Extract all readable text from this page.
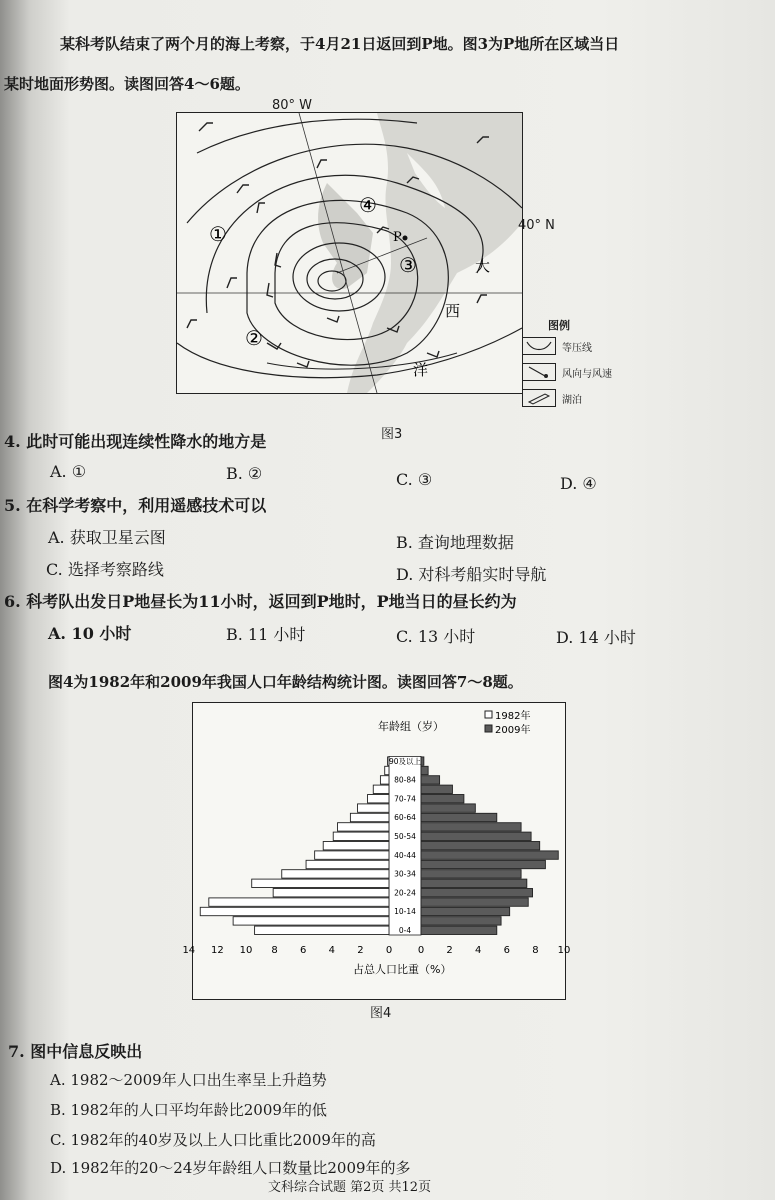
某科考队结束了两个月的海上考察，于4月21日返回到P地。图3为P地所在区域当日
某时地面形势图。读图回答4～6题。
P
①
②
③
④
大
西
洋
80° W
40° N
图例
等压线
风向与风速
湖泊
图3
4. 此时可能出现连续性降水的地方是
A. ①	B. ②	C. ③	D. ④
5. 在科学考察中，利用遥感技术可以
A. 获取卫星云图	B. 查询地理数据
C. 选择考察路线	D. 对科考船实时导航
6. 科考队出发日P地昼长为11小时，返回到P地时，P地当日的昼长约为
A. 10 小时	B. 11 小时	C. 13 小时	D. 14 小时
图4为1982年和2009年我国人口年龄结构统计图。读图回答7～8题。
年龄组（岁）
1982年
2009年
0-4
10-14
20-24
30-34
40-44
50-54
60-64
70-74
80-84
90及以上
14 12 10 8 6 4 2 0	0 2 4 6 8 10
占总人口比重（%）
图4
7. 图中信息反映出
A. 1982～2009年人口出生率呈上升趋势
B. 1982年的人口平均年龄比2009年的低
C. 1982年的40岁及以上人口比重比2009年的高
D. 1982年的20～24岁年龄组人口数量比2009年的多
文科综合试题 第2页 共12页
